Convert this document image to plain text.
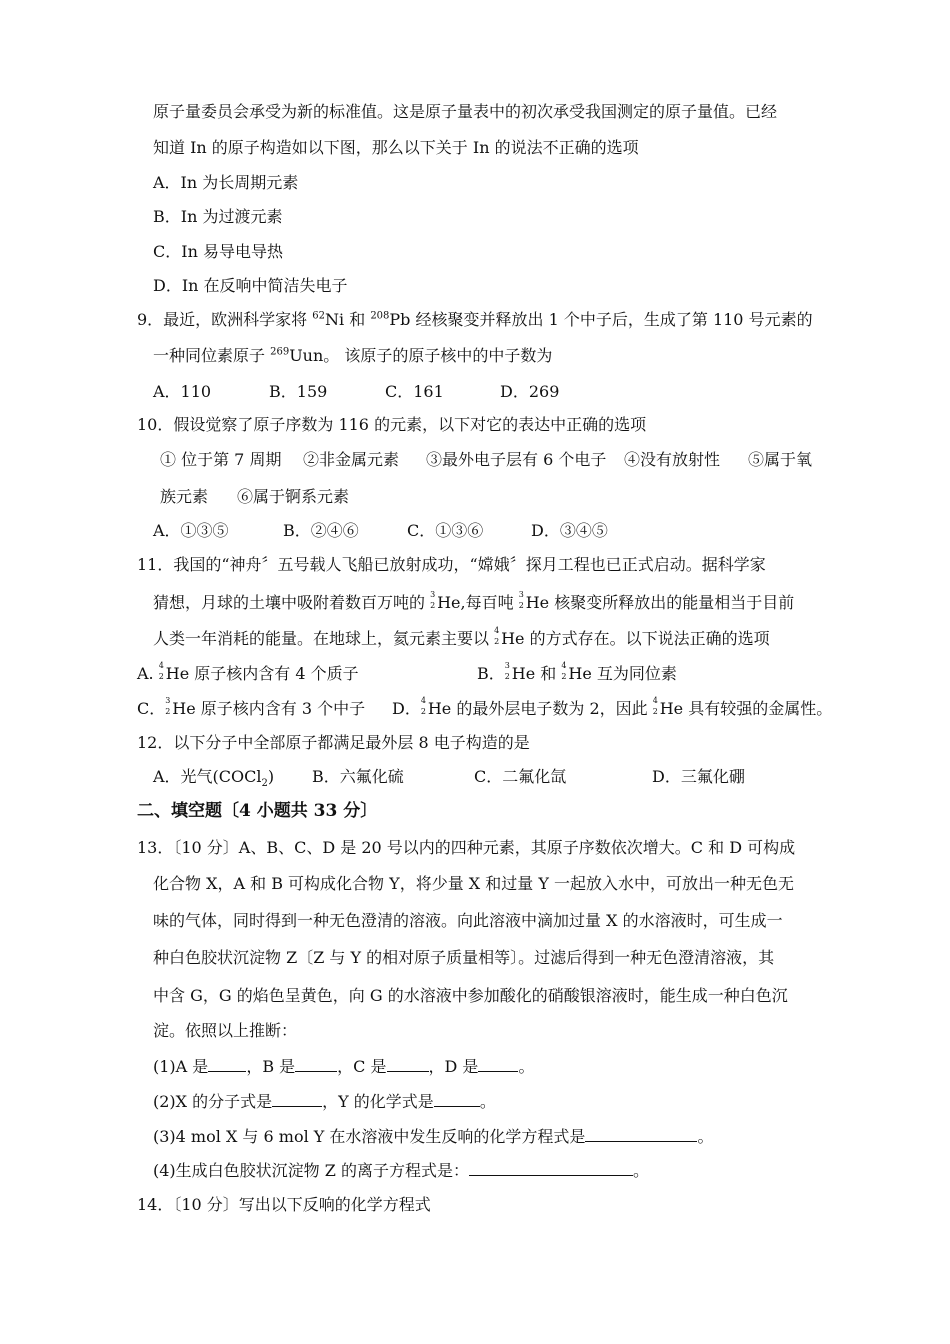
原子量委员会承受为新的标准值。这是原子量表中的初次承受我国测定的原子量值。已经
知道 In 的原子构造如以下图，那么以下关于 In 的说法不正确的选项
A．In 为长周期元素
B．In 为过渡元素
C．In 易导电导热
D．In 在反响中简洁失电子
9．最近，欧洲科学家将 $^{62}$Ni 和 $^{208}$Pb 经核聚变并释放出 1 个中子后，生成了第 110 号元素的
一种同位素原子 $^{269}$Uun。 该原子的原子核中的中子数为
A．110	B．159	C．161	D．269
10．假设觉察了原子序数为 116 的元素，以下对它的表达中正确的选项
① 位于第 7 周期 ②非金属元素 ③最外电子层有 6 个电子 ④没有放射性 ⑤属于氧
族元素 ⑥属于锕系元素
A．①③⑤	B．②④⑥	C．①③⑥	D．③④⑤
11．我国的“神舟〞五号载人飞船已放射成功，“嫦娥〞探月工程也已正式启动。据科学家
猜想，月球的土壤中吸附着数百万吨的 3
2 He,每百吨 3
2 He 核聚变所释放出的能量相当于目前
人类一年消耗的能量。在地球上，氦元素主要以 4
2 He 的方式存在。以下说法正确的选项
A. 4
2 He 原子核内含有 4 个质子	B． 3
2 He 和 4
2 He 互为同位素
C． 3
2 He 原子核内含有 3 个中子 D． 4
2 He 的最外层电子数为 2，因此 4
2 He 具有较强的金属性。
12．以下分子中全部原子都满足最外层 8 电子构造的是
A．光气(COCl$_2$) B．六氟化硫	C．二氟化氙	D．三氟化硼
二、填空题〔4 小题共 33 分〕
13．〔10 分〕A、B、C、D 是 20 号以内的四种元素，其原子序数依次增大。C 和 D 可构成
化合物 X，A 和 B 可构成化合物 Y，将少量 X 和过量 Y 一起放入水中，可放出一种无色无
味的气体，同时得到一种无色澄清的溶液。向此溶液中滴加过量 X 的水溶液时，可生成一
种白色胶状沉淀物 Z〔Z 与 Y 的相对原子质量相等〕。过滤后得到一种无色澄清溶液，其
中含 G，G 的焰色呈黄色，向 G 的水溶液中参加酸化的硝酸银溶液时，能生成一种白色沉
淀。依照以上推断：
(1)A 是 ，B 是	，C 是	，D 是	。
(2)X 的分子式是	，Y 的化学式是	。
(3)4 mol X 与 6 mol Y 在水溶液中发生反响的化学方程式是	。
(4)生成白色胶状沉淀物 Z 的离子方程式是：	。
14．〔10 分〕写出以下反响的化学方程式
